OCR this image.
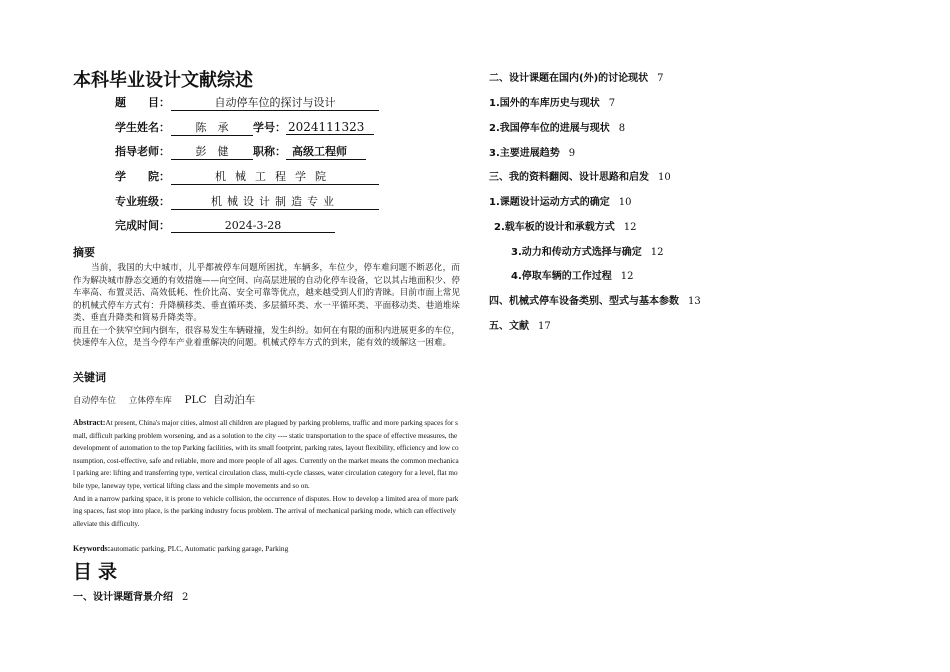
本科毕业设计文献综述
题　　目：	自动停车位的探讨与设计
学生姓名： 陈　承 学号： 2024111323
指导老师： 彭　健 职称： 高级工程师
学　　院：	机械工程学院
专业班级：	机械设计制造专业
完成时间：	2024-3-28
摘要

当前，我国的大中城市，儿乎都被停车问题所困扰，车辆多，车位少，停车难问题不断恶化，而作为解决城市静态交通的有效措施——向空间、向高层进展的自动化停车设备，它以其占地面积少、停车率高、布置灵活、高效低耗、性价比高、安全可靠等优点，越来越受到人们的青睐。目前市面上常见的机械式停车方式有：升降横移类、垂直循环类、多层循环类、水一平循环类、平面移动类、巷道堆垛类、垂直升降类和简易升降类等。

而且在一个狭窄空间内倒车，很容易发生车辆碰撞，发生纠纷。如何在有限的面积内进展更多的车位，快速停车入位，是当今停车产业着重解决的问题。机械式停车方式的到来，能有效的缓解这一困难。

关键词
自动停车位 立体停车库 PLC 自动泊车

Abstract:At present, China's major cities, almost all children are plagued by parking problems, traffic and more parking spaces for small, difficult parking problem worsening, and as a solution to the city ---- static transportation to the space of effective measures, the development of automation to the top Parking facilities, with its small footprint, parking rates, layout flexibility, efficiency and low consumption, cost-effective, safe and reliable, more and more people of all ages. Currently on the market means the common mechanical parking are: lifting and transferring type, vertical circulation class, multi-cycle classes, water circulation category for a level, flat mobile type, laneway type, vertical lifting class and the simple movements and so on.

And in a narrow parking space, it is prone to vehicle collision, the occurrence of disputes. How to develop a limited area of more parking spaces, fast stop into place, is the parking industry focus problem. The arrival of mechanical parking mode, which can effectively alleviate this difficulty.

Keywords:automatic parking, PLC, Automatic parking garage, Parking
目录
一、设计课题背景介绍 2
二、设计课题在国内(外)的讨论现状 7
1.国外的车库历史与现状 7
2.我国停车位的进展与现状 8
3.主要进展趋势 9
三、我的资料翻阅、设计思路和启发 10
1.课题设计运动方式的确定 10
2.载车板的设计和承载方式 12
3.动力和传动方式选择与确定 12
4.停取车辆的工作过程 12
四、机械式停车设备类别、型式与基本参数 13
五、文献 17
